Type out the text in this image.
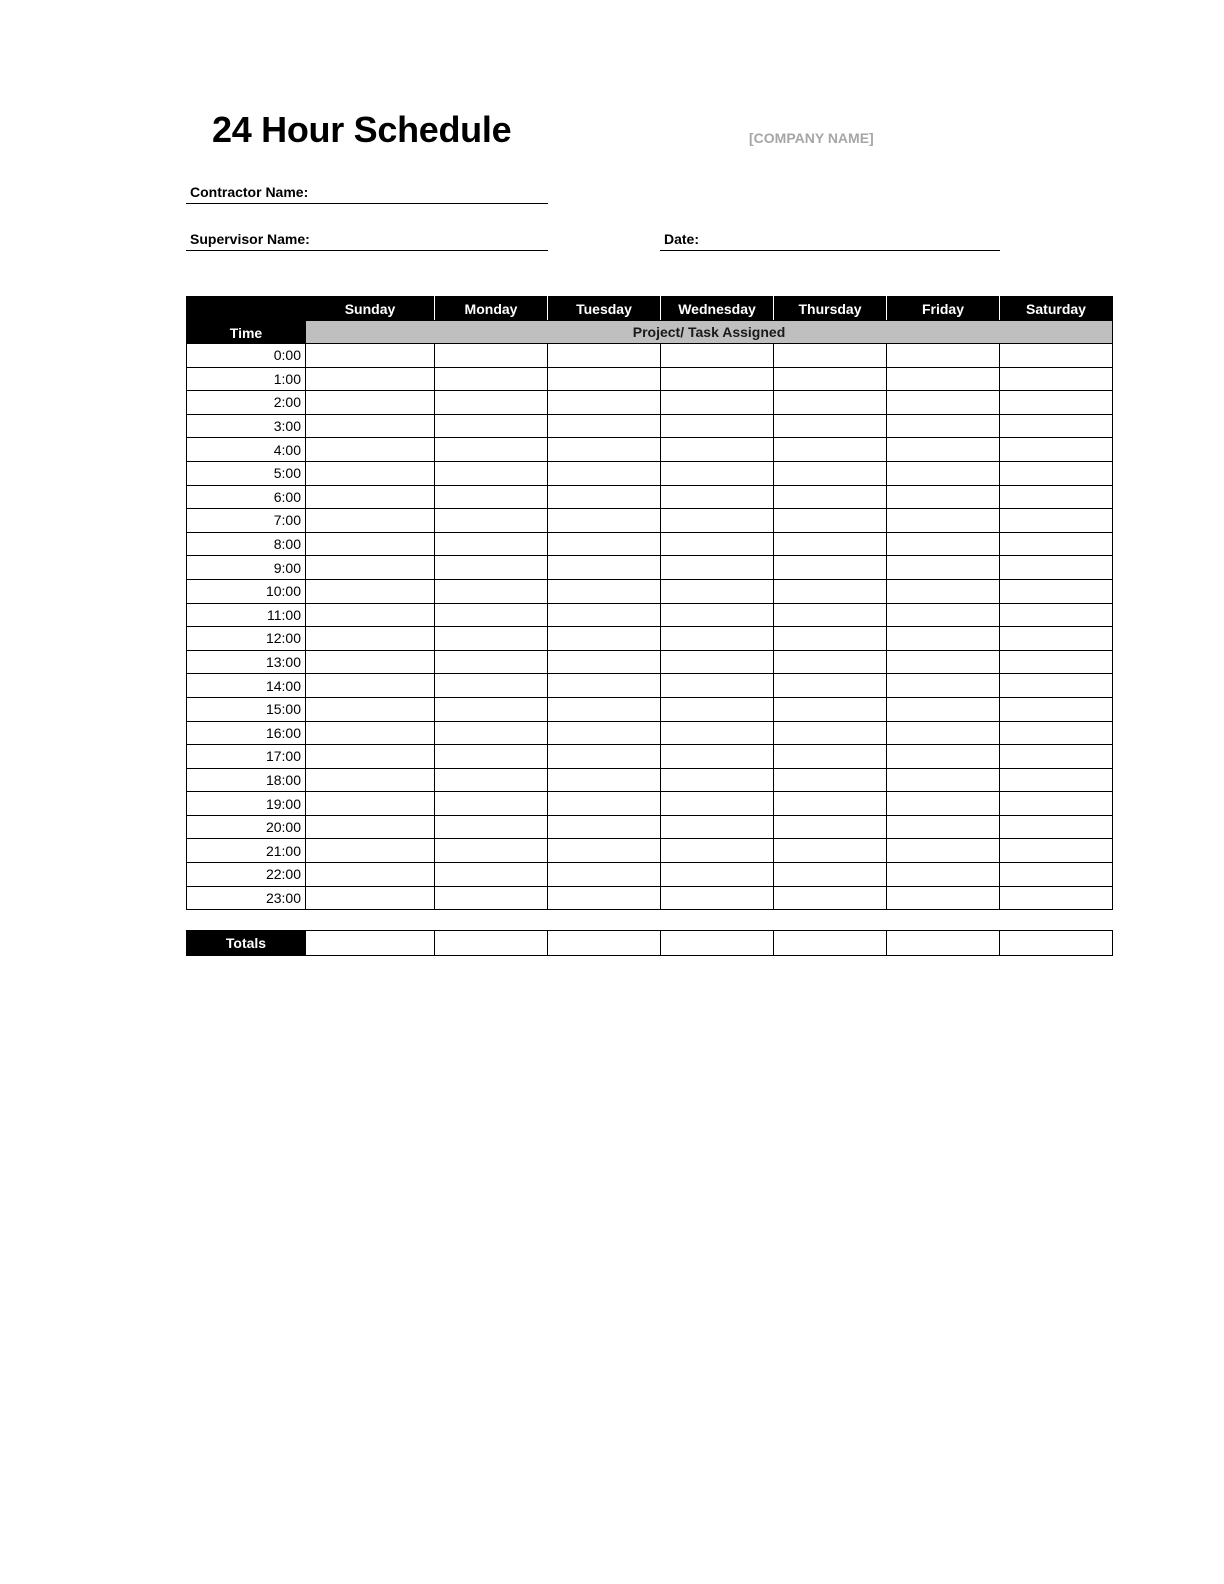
24 Hour Schedule	[COMPANY NAME]
Contractor Name:
Supervisor Name:	Date:
Time	Sunday	Monday	Tuesday	Wednesday	Thursday	Friday	Saturday
	Project/ Task Assigned						
0:00							
1:00							
2:00							
3:00							
4:00							
5:00							
6:00							
7:00							
8:00							
9:00							
10:00							
11:00							
12:00							
13:00							
14:00							
15:00							
16:00							
17:00							
18:00							
19:00							
20:00							
21:00							
22:00							
23:00							
Totals							
